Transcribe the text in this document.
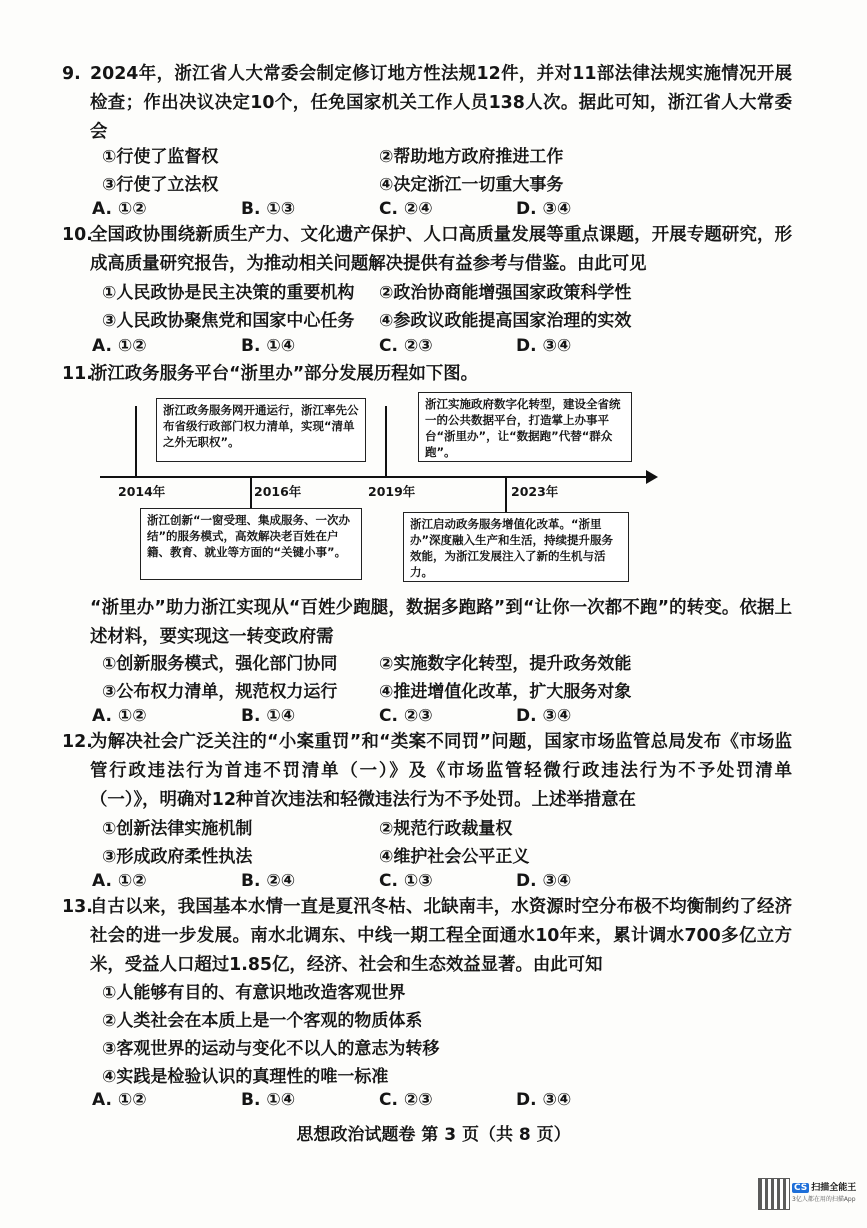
9. 2024年，浙江省人大常委会制定修订地方性法规12件，并对11部法律法规实施情况开展检查；作出决议决定10个，任免国家机关工作人员138人次。据此可知，浙江省人大常委会
①行使了监督权	②帮助地方政府推进工作
③行使了立法权	④决定浙江一切重大事务
A. ①②	B. ①③	C. ②④	D. ③④
10.
全国政协围绕新质生产力、文化遗产保护、人口高质量发展等重点课题，开展专题研究，形成高质量研究报告，为推动相关问题解决提供有益参考与借鉴。由此可见
①人民政协是民主决策的重要机构 ②政治协商能增强国家政策科学性
③人民政协聚焦党和国家中心任务 ④参政议政能提高国家治理的实效
A. ①②	B. ①④	C. ②③	D. ③④
11.
浙江政务服务平台“浙里办”部分发展历程如下图。
浙江政务服务网开通运行，浙江率先公布省级行政部门权力清单，实现“清单之外无职权”。
浙江实施政府数字化转型，建设全省统一的公共数据平台，打造掌上办事平台“浙里办”，让“数据跑”代替“群众跑”。
2014年	2016年	2019年	2023年
浙江创新“一窗受理、集成服务、一次办结”的服务模式，高效解决老百姓在户籍、教育、就业等方面的“关键小事”。
浙江启动政务服务增值化改革。“浙里办”深度融入生产和生活，持续提升服务效能，为浙江发展注入了新的生机与活力。
“浙里办”助力浙江实现从“百姓少跑腿，数据多跑路”到“让你一次都不跑”的转变。依据上述材料，要实现这一转变政府需
①创新服务模式，强化部门协同 ②实施数字化转型，提升政务效能
③公布权力清单，规范权力运行 ④推进增值化改革，扩大服务对象
A. ①②	B. ①④	C. ②③	D. ③④
12.
为解决社会广泛关注的“小案重罚”和“类案不同罚”问题，国家市场监管总局发布《市场监管行政违法行为首违不罚清单（一）》及《市场监管轻微行政违法行为不予处罚清单（一）》，明确对12种首次违法和轻微违法行为不予处罚。上述举措意在
①创新法律实施机制	②规范行政裁量权
③形成政府柔性执法	④维护社会公平正义
A. ①②	B. ②④	C. ①③	D. ③④
13.
自古以来，我国基本水情一直是夏汛冬枯、北缺南丰，水资源时空分布极不均衡制约了经济社会的进一步发展。南水北调东、中线一期工程全面通水10年来，累计调水700多亿立方米，受益人口超过1.85亿，经济、社会和生态效益显著。由此可知
①人能够有目的、有意识地改造客观世界
②人类社会在本质上是一个客观的物质体系
③客观世界的运动与变化不以人的意志为转移
④实践是检验认识的真理性的唯一标准
A. ①②	B. ①④	C. ②③	D. ③④
思想政治试题卷 第 3 页（共 8 页）
CS 扫描全能王
3亿人都在用的扫描App
